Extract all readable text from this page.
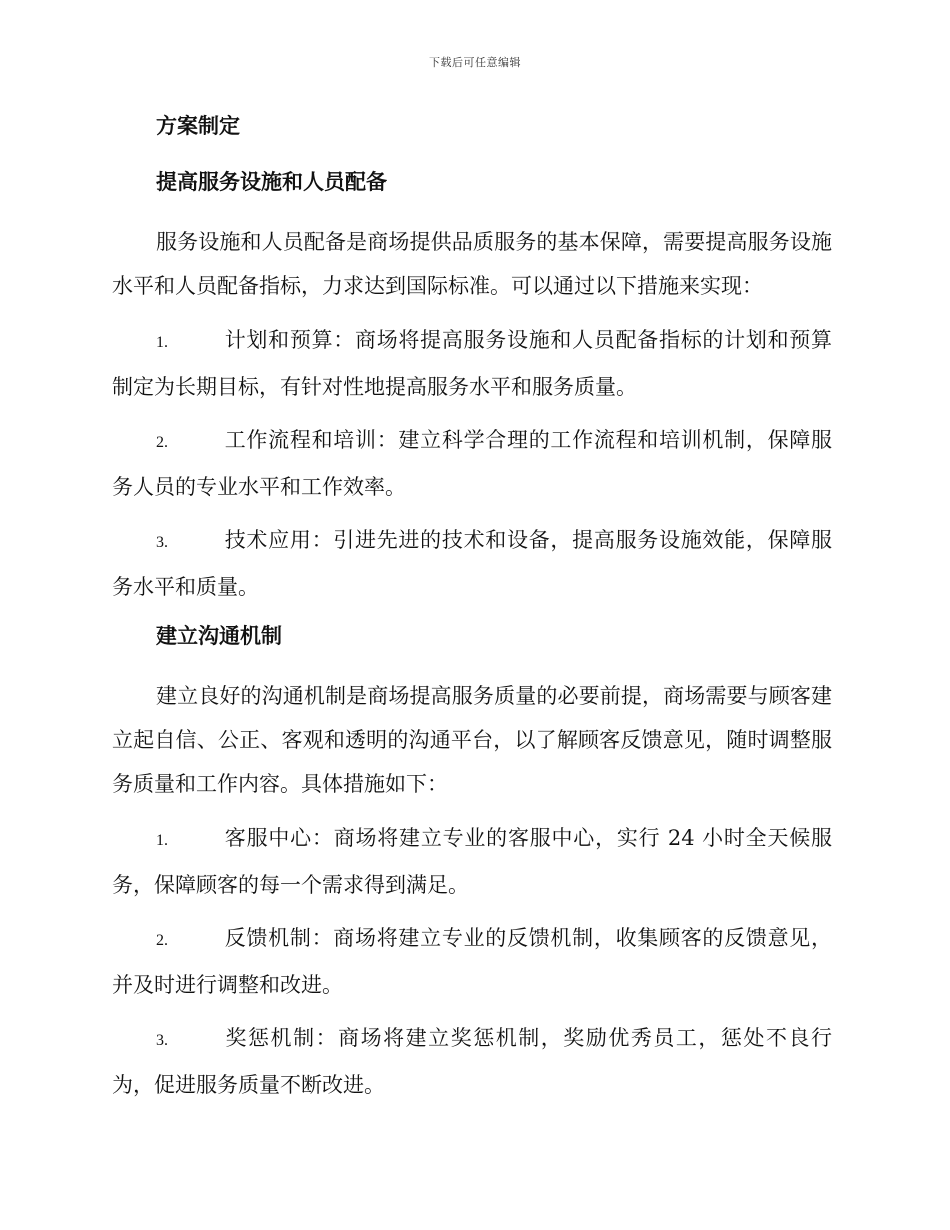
下载后可任意编辑
方案制定
提高服务设施和人员配备

服务设施和人员配备是商场提供品质服务的基本保障，需要提高服务设施水平和人员配备指标，力求达到国际标准。可以通过以下措施来实现：

1.	计划和预算：商场将提高服务设施和人员配备指标的计划和预算制定为长期目标，有针对性地提高服务水平和服务质量。

2.	工作流程和培训：建立科学合理的工作流程和培训机制，保障服务人员的专业水平和工作效率。

3.	技术应用：引进先进的技术和设备，提高服务设施效能，保障服务水平和质量。

建立沟通机制

建立良好的沟通机制是商场提高服务质量的必要前提，商场需要与顾客建立起自信、公正、客观和透明的沟通平台，以了解顾客反馈意见，随时调整服务质量和工作内容。具体措施如下：

1.	客服中心：商场将建立专业的客服中心，实行 24 小时全天候服务，保障顾客的每一个需求得到满足。

2.	反馈机制：商场将建立专业的反馈机制，收集顾客的反馈意见，并及时进行调整和改进。

3.	奖惩机制：商场将建立奖惩机制，奖励优秀员工，惩处不良行为，促进服务质量不断改进。
